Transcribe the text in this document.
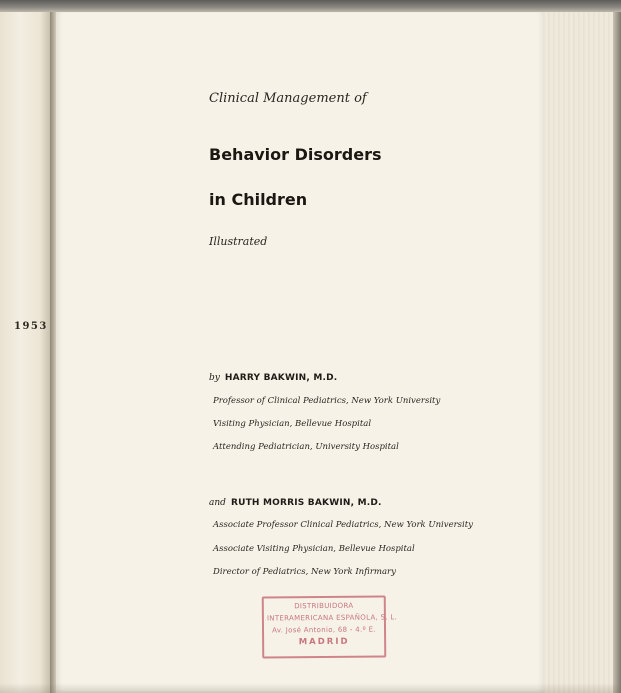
1953

Clinical Management of

Behavior Disorders

in Children

Illustrated

by HARRY BAKWIN, M.D.

Professor of Clinical Pediatrics, New York University

Visiting Physician, Bellevue Hospital

Attending Pediatrician, University Hospital

and RUTH MORRIS BAKWIN, M.D.

Associate Professor Clinical Pediatrics, New York University

Associate Visiting Physician, Bellevue Hospital

Director of Pediatrics, New York Infirmary

DISTRIBUIDORA
INTERAMERICANA ESPAÑOLA, S. L.
Av. José Antonio, 68 - 4.º E.
MADRID
